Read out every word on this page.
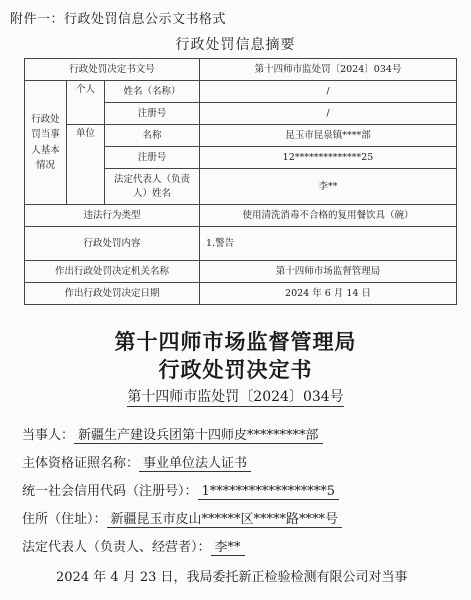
附件一：行政处罚信息公示文书格式
行政处罚信息摘要
行政处罚决定书文号			第十四师市监处罚〔2024〕034号
行政处罚当事人基本情况	个人	姓名（名称）	/
		注册号	/
	单位	名称	昆玉市昆泉镇****部
		注册号	12**************25
		法定代表人（负责人）姓名	李**
违法行为类型			使用清洗消毒不合格的复用餐饮具（碗）
行政处罚内容			1.警告
作出行政处罚决定机关名称			第十四师市场监督管理局
作出行政处罚决定日期			2024 年 6 月 14 日
第十四师市场监督管理局
行政处罚决定书
第十四师市监处罚〔2024〕034号
当事人： 新疆生产建设兵团第十四师皮*********部
主体资格证照名称： 事业单位法人证书
统一社会信用代码（注册号）： 1******************5
住所（住址）： 新疆昆玉市皮山******区*****路****号
法定代表人（负责人、经营者）： 李**
2024 年 4 月 23 日，我局委托新正检验检测有限公司对当事
